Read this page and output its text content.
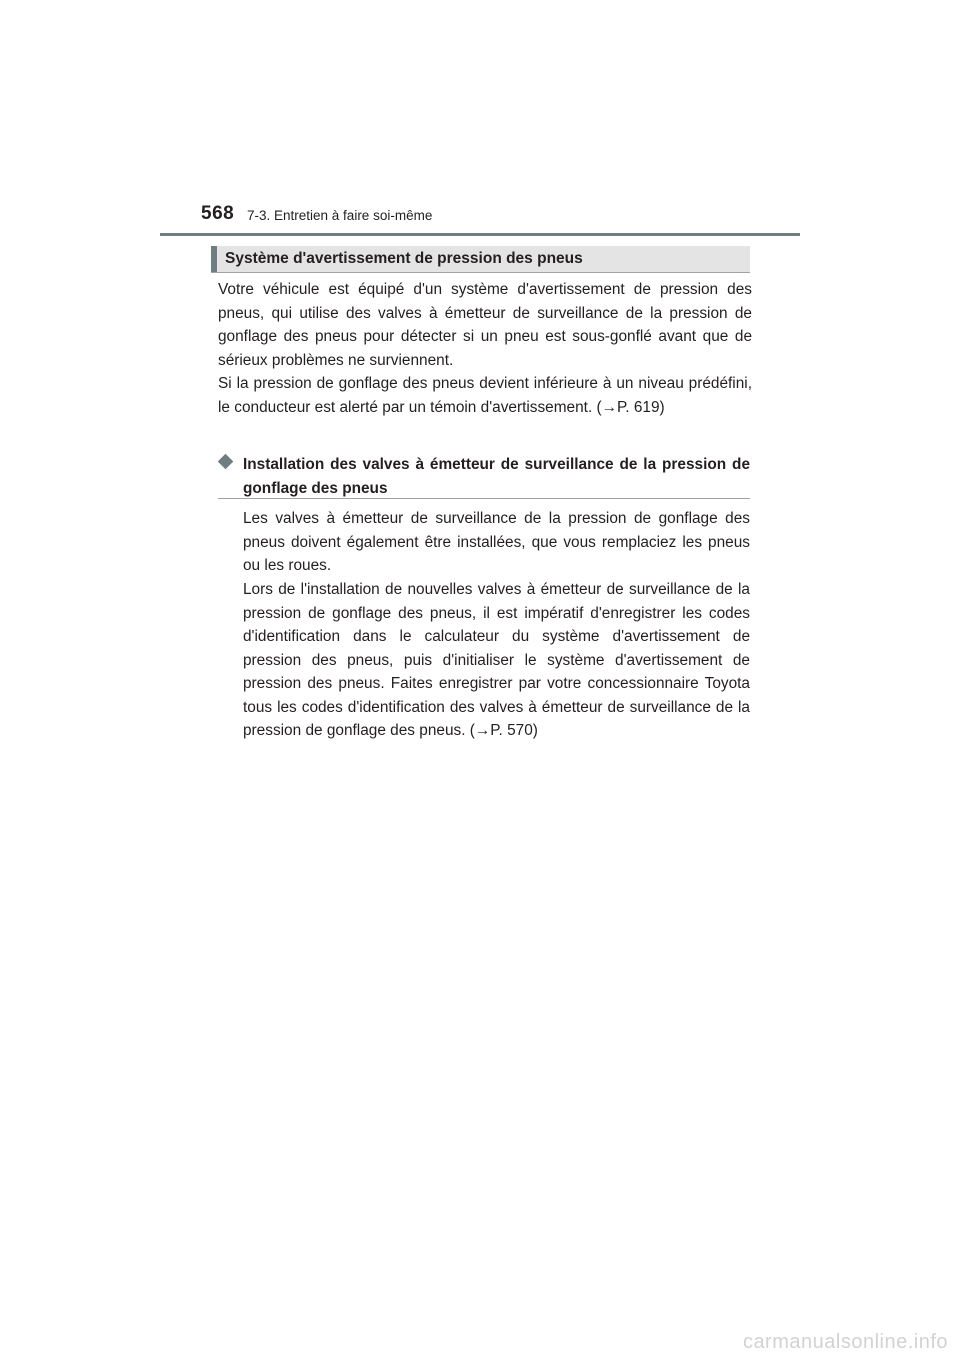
568 7-3. Entretien à faire soi-même
Système d'avertissement de pression des pneus

Votre véhicule est équipé d'un système d'avertissement de pression des pneus, qui utilise des valves à émetteur de surveillance de la pression de gonflage des pneus pour détecter si un pneu est sous-gonflé avant que de sérieux problèmes ne surviennent.

Si la pression de gonflage des pneus devient inférieure à un niveau prédéfini, le conducteur est alerté par un témoin d'avertissement. (→P. 619)

Installation des valves à émetteur de surveillance de la pression de gonflage des pneus

Les valves à émetteur de surveillance de la pression de gonflage des pneus doivent également être installées, que vous remplaciez les pneus ou les roues.

Lors de l'installation de nouvelles valves à émetteur de surveillance de la pression de gonflage des pneus, il est impératif d'enregistrer les codes d'identification dans le calculateur du système d'avertissement de pression des pneus, puis d'initialiser le système d'avertissement de pression des pneus. Faites enregistrer par votre concessionnaire Toyota tous les codes d'identification des valves à émetteur de surveillance de la pression de gonflage des pneus. (→P. 570)

carmanualsonline.info
